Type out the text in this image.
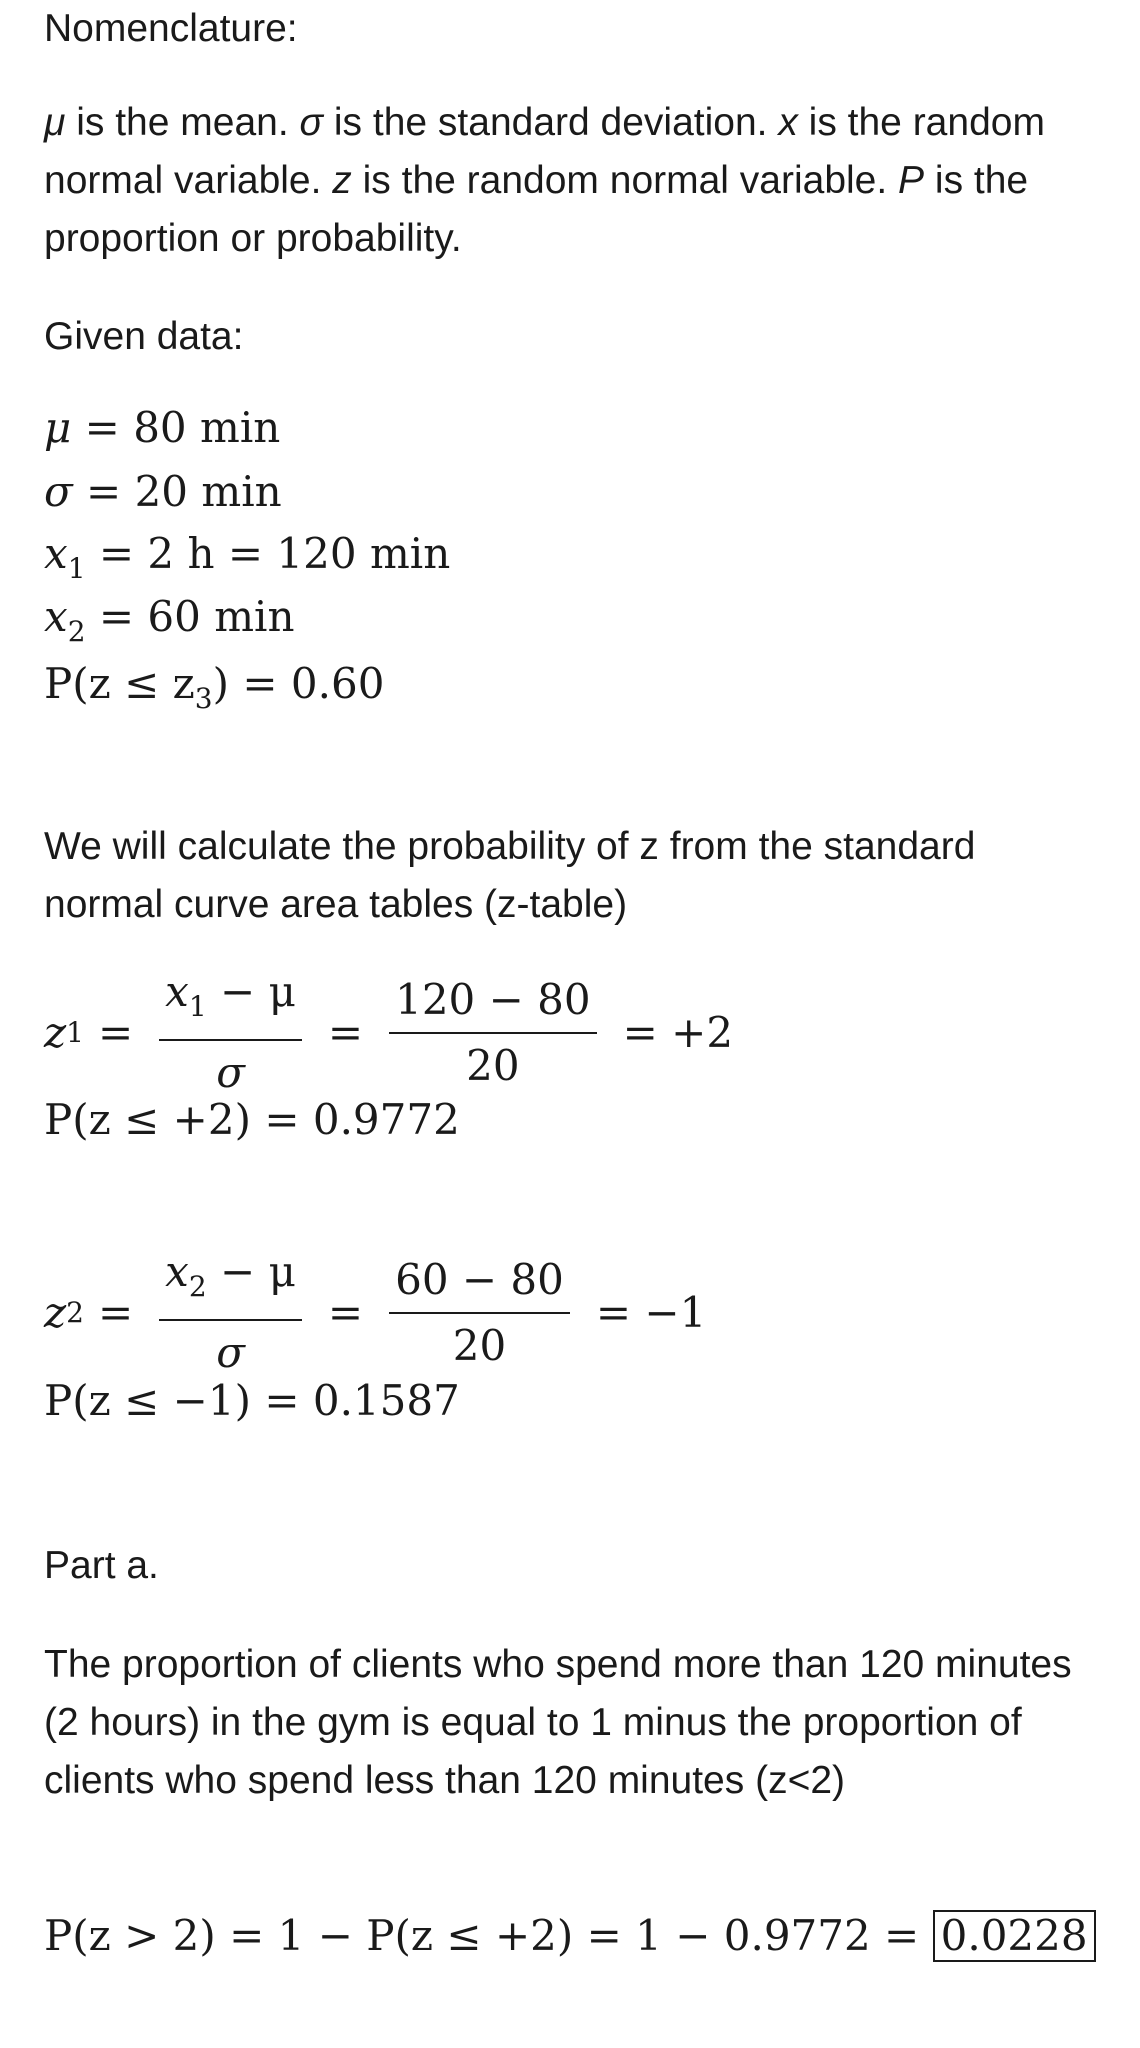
Nomenclature:
μ is the mean. σ is the standard deviation. x is the random normal variable. z is the random normal variable. P is the proportion or probability.
Given data:
μ = 80 min
σ = 20 min
$x_1 = 2$ h = 120 min
$x_2 = 60$ min
$P(z \le z_3) = 0.60$
We will calculate the probability of z from the standard normal curve area tables (z-table)
z $1 = \frac{x_1 - \mu}{\sigma} = \frac{120 - 80}{20} = +2$
P(z ≤ +2) = 0.9772
z $2 = \frac{x_2 - \mu}{\sigma} = \frac{60 - 80}{20} = -1$
P(z ≤ −1) = 0.1587
Part a.
The proportion of clients who spend more than 120 minutes (2 hours) in the gym is equal to 1 minus the proportion of clients who spend less than 120 minutes (z<2)
P(z > 2) = 1 − P(z ≤ +2) = 1 − 0.9772 = 0.0228
